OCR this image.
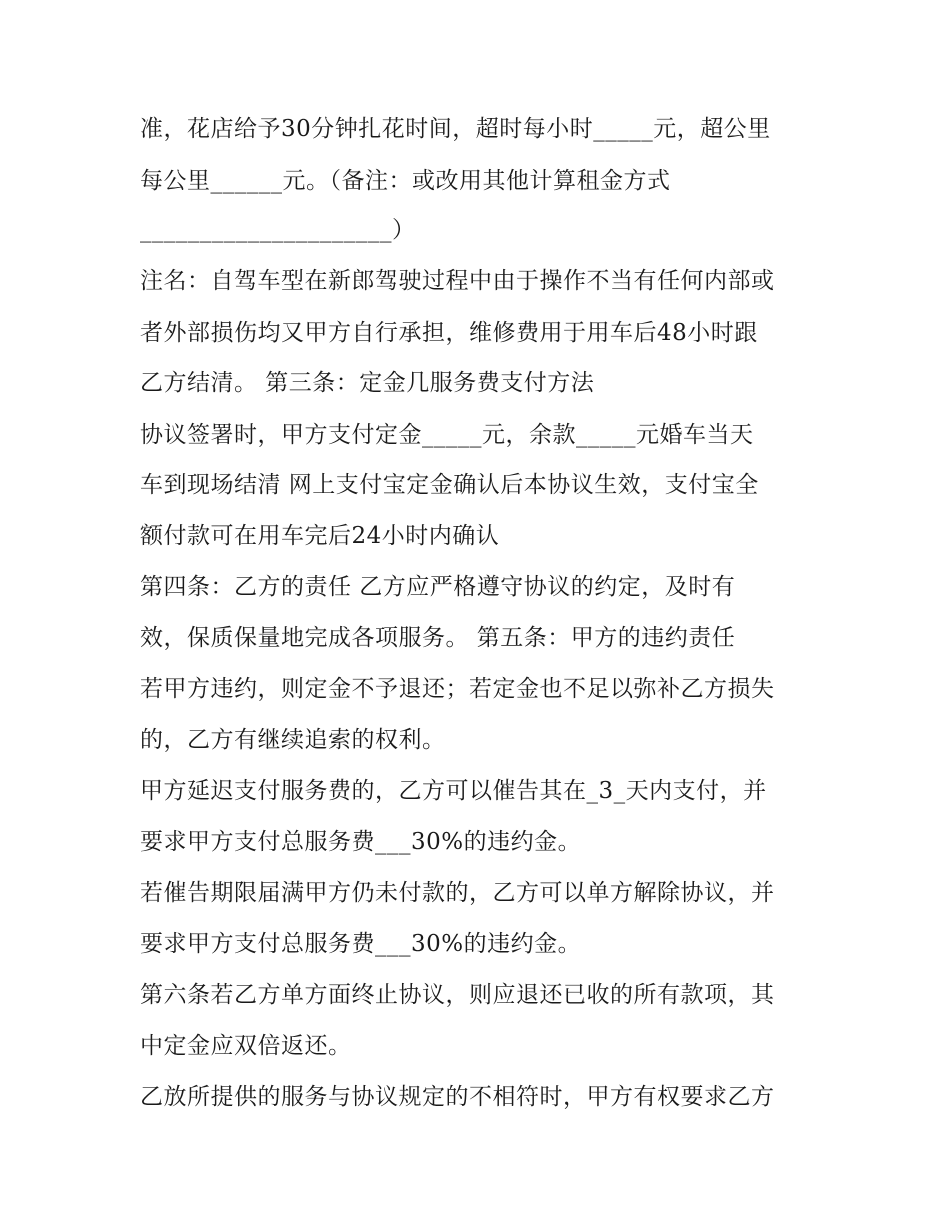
准，花店给予30分钟扎花时间，超时每小时_____元，超公里

每公里______元。（备注：或改用其他计算租金方式

_____________________）

注名：自驾车型在新郎驾驶过程中由于操作不当有任何内部或

者外部损伤均又甲方自行承担，维修费用于用车后48小时跟

乙方结清。 第三条：定金几服务费支付方法

协议签署时，甲方支付定金_____元，余款_____元婚车当天

车到现场结清 网上支付宝定金确认后本协议生效，支付宝全

额付款可在用车完后24小时内确认

第四条：乙方的责任 乙方应严格遵守协议的约定，及时有

效，保质保量地完成各项服务。 第五条：甲方的违约责任

若甲方违约，则定金不予退还；若定金也不足以弥补乙方损失

的，乙方有继续追索的权利。

甲方延迟支付服务费的，乙方可以催告其在_3_天内支付，并

要求甲方支付总服务费___30%的违约金。

若催告期限届满甲方仍未付款的，乙方可以单方解除协议，并

要求甲方支付总服务费___30%的违约金。

第六条若乙方单方面终止协议，则应退还已收的所有款项，其

中定金应双倍返还。

乙放所提供的服务与协议规定的不相符时，甲方有权要求乙方
